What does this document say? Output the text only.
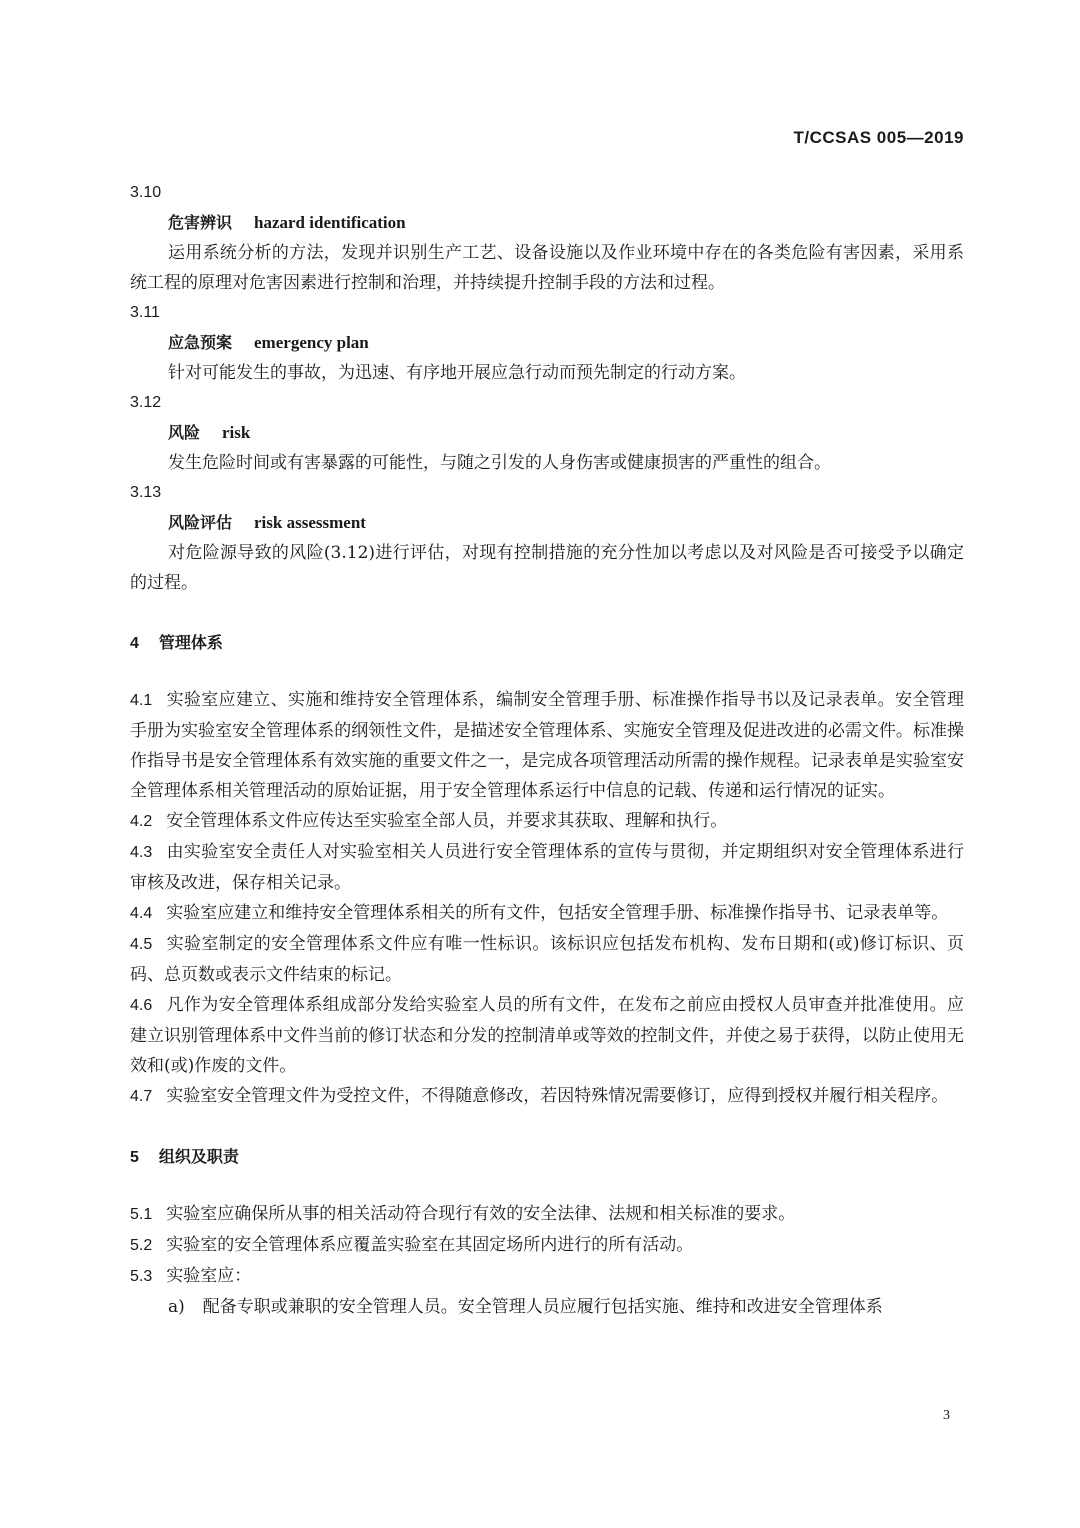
T/CCSAS 005—2019
3.10
危害辨识 hazard identification
运用系统分析的方法，发现并识别生产工艺、设备设施以及作业环境中存在的各类危险有害因素，采用系统工程的原理对危害因素进行控制和治理，并持续提升控制手段的方法和过程。
3.11
应急预案 emergency plan
针对可能发生的事故，为迅速、有序地开展应急行动而预先制定的行动方案。
3.12
风险 risk
发生危险时间或有害暴露的可能性，与随之引发的人身伤害或健康损害的严重性的组合。
3.13
风险评估 risk assessment
对危险源导致的风险(3.12)进行评估，对现有控制措施的充分性加以考虑以及对风险是否可接受予以确定的过程。
4 管理体系
4.1 实验室应建立、实施和维持安全管理体系，编制安全管理手册、标准操作指导书以及记录表单。安全管理手册为实验室安全管理体系的纲领性文件，是描述安全管理体系、实施安全管理及促进改进的必需文件。标准操作指导书是安全管理体系有效实施的重要文件之一，是完成各项管理活动所需的操作规程。记录表单是实验室安全管理体系相关管理活动的原始证据，用于安全管理体系运行中信息的记载、传递和运行情况的证实。
4.2 安全管理体系文件应传达至实验室全部人员，并要求其获取、理解和执行。
4.3 由实验室安全责任人对实验室相关人员进行安全管理体系的宣传与贯彻，并定期组织对安全管理体系进行审核及改进，保存相关记录。
4.4 实验室应建立和维持安全管理体系相关的所有文件，包括安全管理手册、标准操作指导书、记录表单等。
4.5 实验室制定的安全管理体系文件应有唯一性标识。该标识应包括发布机构、发布日期和(或)修订标识、页码、总页数或表示文件结束的标记。
4.6 凡作为安全管理体系组成部分发给实验室人员的所有文件，在发布之前应由授权人员审查并批准使用。应建立识别管理体系中文件当前的修订状态和分发的控制清单或等效的控制文件，并使之易于获得，以防止使用无效和(或)作废的文件。
4.7 实验室安全管理文件为受控文件，不得随意修改，若因特殊情况需要修订，应得到授权并履行相关程序。
5 组织及职责
5.1 实验室应确保所从事的相关活动符合现行有效的安全法律、法规和相关标准的要求。
5.2 实验室的安全管理体系应覆盖实验室在其固定场所内进行的所有活动。
5.3 实验室应：
a) 配备专职或兼职的安全管理人员。安全管理人员应履行包括实施、维持和改进安全管理体系
3
